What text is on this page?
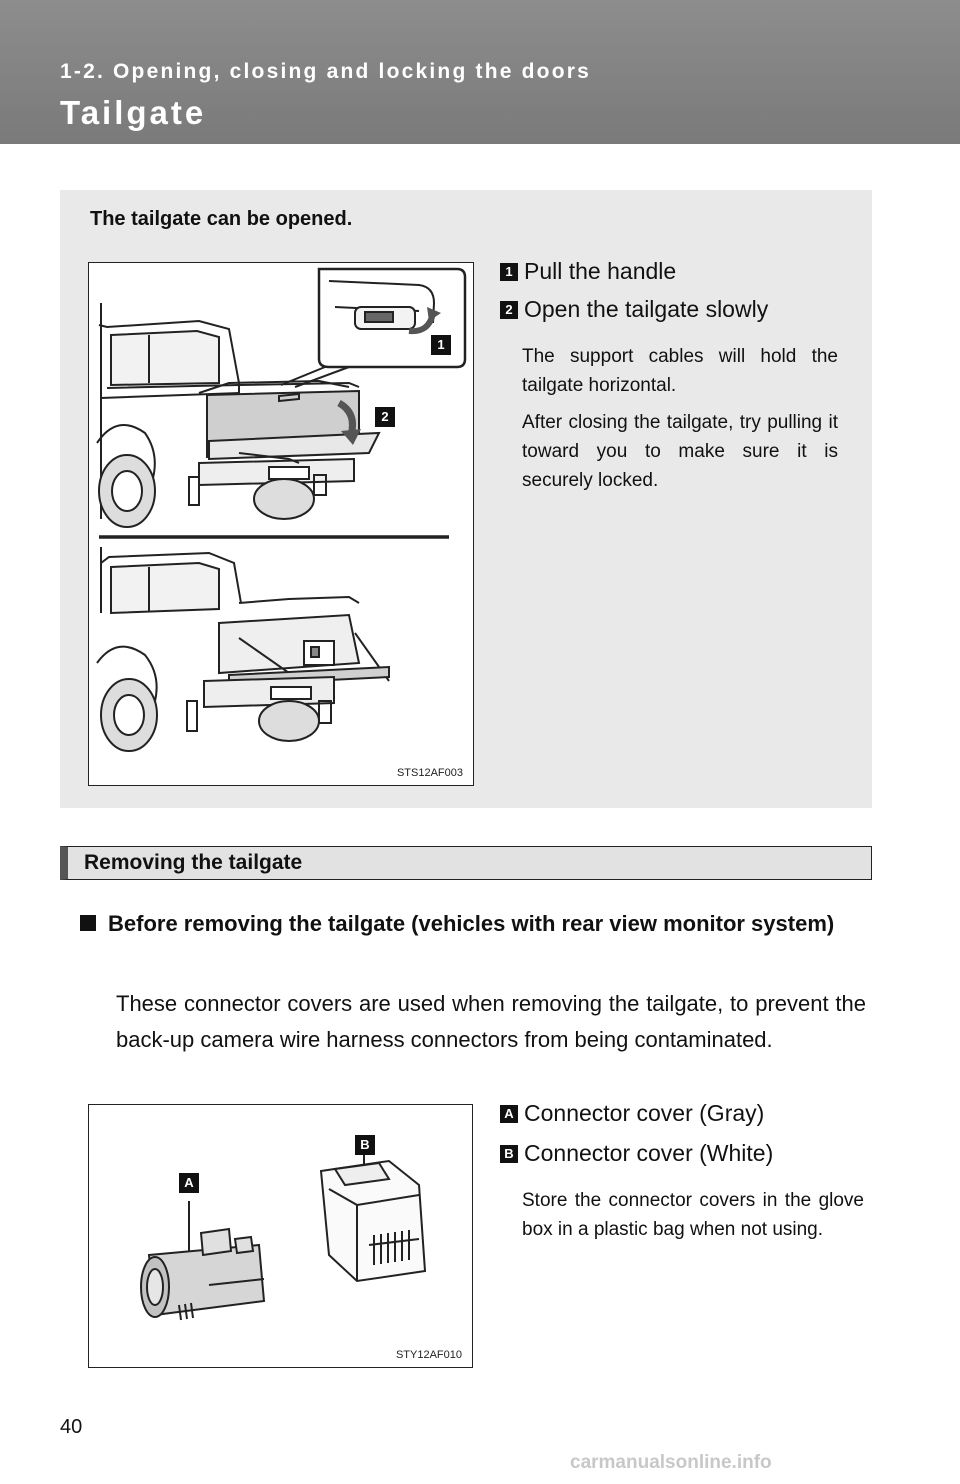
1-2. Opening, closing and locking the doors
Tailgate
The tailgate can be opened.
1
2
STS12AF003
1 Pull the handle
2 Open the tailgate slowly
The support cables will hold the tailgate horizontal.
After closing the tailgate, try pulling it toward you to make sure it is securely locked.
Removing the tailgate
Before removing the tailgate (vehicles with rear view monitor system)
These connector covers are used when removing the tailgate, to prevent the back-up camera wire harness connectors from being contaminated.
A
B
STY12AF010
A Connector cover (Gray)
B Connector cover (White)
Store the connector covers in the glove box in a plastic bag when not using.
40
carmanualsonline.info
